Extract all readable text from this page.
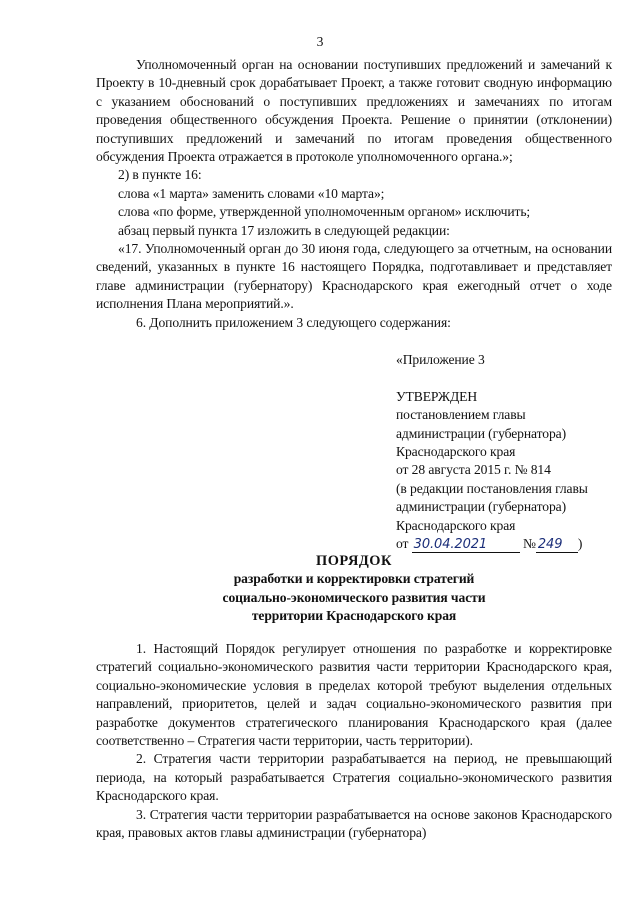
3

Уполномоченный орган на основании поступивших предложений и замечаний к Проекту в 10-дневный срок дорабатывает Проект, а также готовит сводную информацию с указанием обоснований о поступивших предложениях и замечаниях по итогам проведения общественного обсуждения Проекта. Решение о принятии (отклонении) поступивших предложений и замечаний по итогам проведения общественного обсуждения Проекта отражается в протоколе уполномоченного органа.»;

2) в пункте 16:

слова «1 марта» заменить словами «10 марта»;

слова «по форме, утвержденной уполномоченным органом» исключить;

абзац первый пункта 17 изложить в следующей редакции:

«17. Уполномоченный орган до 30 июня года, следующего за отчетным, на основании сведений, указанных в пункте 16 настоящего Порядка, подготавливает и представляет главе администрации (губернатору) Краснодарского края ежегодный отчет о ходе исполнения Плана мероприятий.».

6. Дополнить приложением 3 следующего содержания:

«Приложение 3

УТВЕРЖДЕН

постановлением главы

администрации (губернатора)

Краснодарского края

от 28 августа 2015 г. № 814

(в редакции постановления главы

администрации (губернатора)

Краснодарского края

от 30.04.2021	№ 249 )

ПОРЯДОК

разработки и корректировки стратегий

социально-экономического развития части

территории Краснодарского края

1. Настоящий Порядок регулирует отношения по разработке и корректировке стратегий социально-экономического развития части территории Краснодарского края, социально-экономические условия в пределах которой требуют выделения отдельных направлений, приоритетов, целей и задач социально-экономического развития при разработке документов стратегического планирования Краснодарского края (далее соответственно – Стратегия части территории, часть территории).

2. Стратегия части территории разрабатывается на период, не превышающий периода, на который разрабатывается Стратегия социально-экономического развития Краснодарского края.

3. Стратегия части территории разрабатывается на основе законов Краснодарского края, правовых актов главы администрации (губернатора)
